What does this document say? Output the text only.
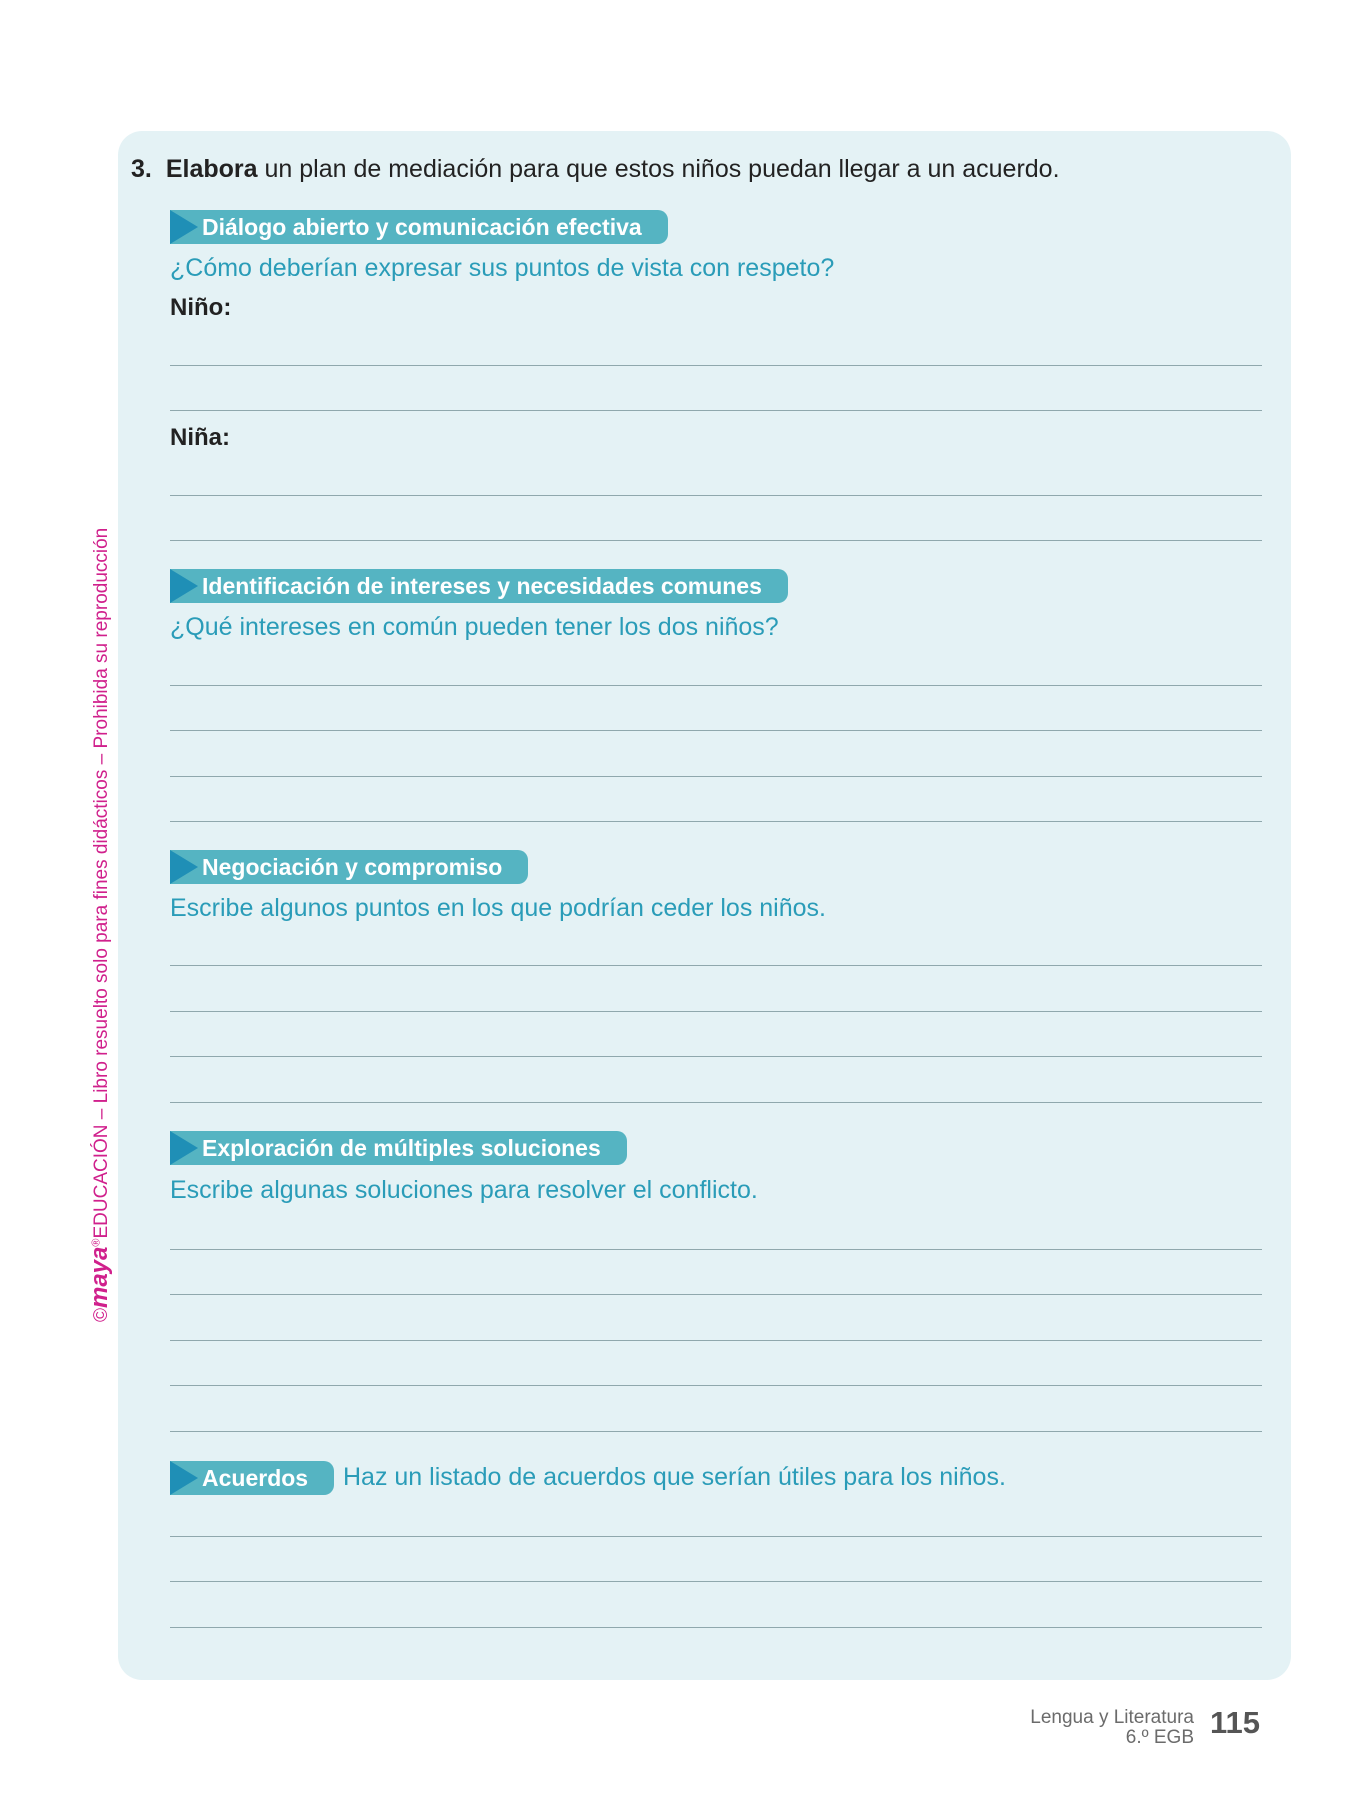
3. Elabora un plan de mediación para que estos niños puedan llegar a un acuerdo.
Diálogo abierto y comunicación efectiva
¿Cómo deberían expresar sus puntos de vista con respeto?
Niño:
Niña:
Identificación de intereses y necesidades comunes
¿Qué intereses en común pueden tener los dos niños?
Negociación y compromiso
Escribe algunos puntos en los que podrían ceder los niños.
Exploración de múltiples soluciones
Escribe algunas soluciones para resolver el conflicto.
Acuerdos	Haz un listado de acuerdos que serían útiles para los niños.
©maya®EDUCACIÓN – Libro resuelto solo para fines didácticos – Prohibida su reproducción
Lengua y Literatura
6.º EGB 115
